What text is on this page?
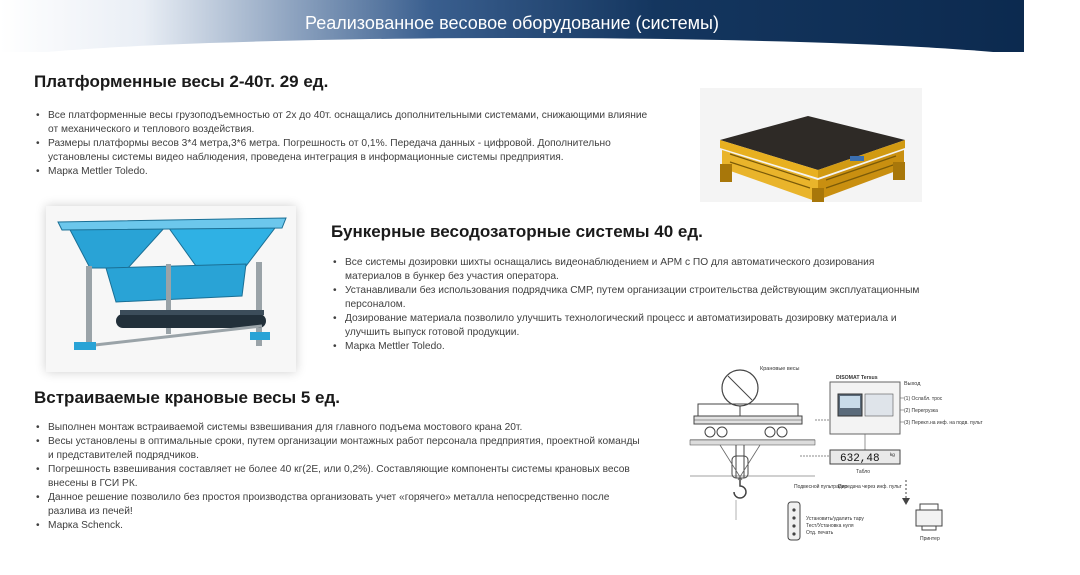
Реализованное весовое оборудование (системы)
Платформенные весы 2-40т. 29 ед.
• Все платформенные весы грузоподъемностью от 2х до 40т. оснащались дополнительными системами, снижающими влияние от механического и теплового воздействия.
• Размеры платформы весов 3*4 метра,3*6 метра. Погрешность от 0,1%. Передача данных - цифровой. Дополнительно установлены системы видео наблюдения, проведена интеграция в информационные системы предприятия.
• Марка Mettler Toledo.
Бункерные весодозаторные системы 40 ед.
• Все системы дозировки шихты оснащались видеонаблюдением и АРМ с ПО для автоматического дозирования материалов в бункер без участия оператора.
• Устанавливали без использования подрядчика СМР, путем организации строительства действующим эксплуатационным персоналом.
• Дозирование материала позволило улучшить технологический процесс и автоматизировать дозировку материала и улучшить выпуск готовой продукции.
• Марка Mettler Toledo.
Встраиваемые крановые весы 5 ед.
• Выполнен монтаж встраиваемой системы взвешивания для главного подъема мостового крана 20т.
• Весы установлены в оптимальные сроки, путем организации монтажных работ персонала предприятия, проектной команды и представителей подрядчиков.
• Погрешность взвешивания составляет не более 40 кг(2Е, или 0,2%). Составляющие компоненты системы крановых весов внесены в ГСИ РК.
• Данное решение позволило без простоя производства организовать учет «горячего» металла непосредственно после разлива из печей!
• Марка Schenck.
Крановые весы
DISOMAT Tersus
Выход
(1) Ослабл. трос
(2) Перегрузка
(3) Перекл.на инф. на подв. пульт
632,48 kg
Табло
Подвесной пультрадио
Передача через инф. пульт
Установить/удалить тару
Тест/Установка нуля
Отд. печать
Принтер
